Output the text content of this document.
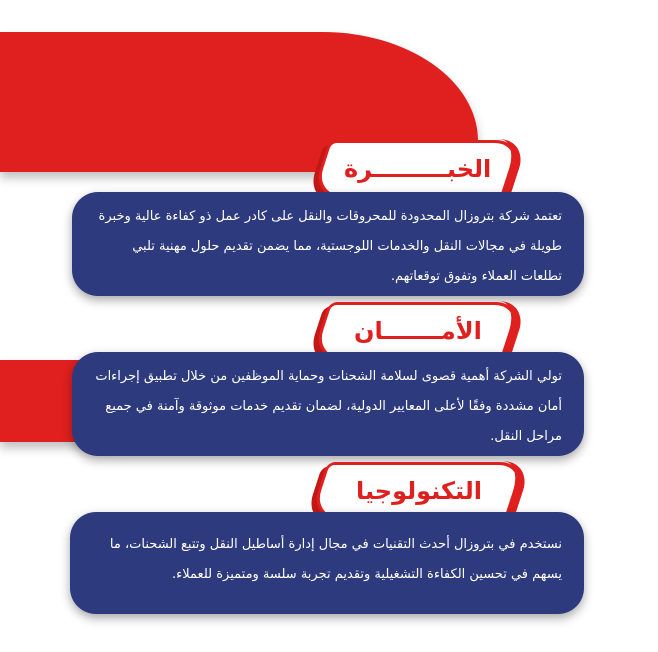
الخبـــــــــرة
تعتمد شركة بتروزال المحدودة للمحروقات والنقل على كادر عمل ذو كفاءة عالية وخبرة طويلة في مجالات النقل والخدمات اللوجستية، مما يضمن تقديم حلول مهنية تلبي تطلعات العملاء وتفوق توقعاتهم.
الأمـــــــان
تولي الشركة أهمية قصوى لسلامة الشحنات وحماية الموظفين من خلال تطبيق إجراءات أمان مشددة وفقًا لأعلى المعايير الدولية، لضمان تقديم خدمات موثوقة وآمنة في جميع مراحل النقل.
التكنولوجيا
نستخدم في بتروزال أحدث التقنيات في مجال إدارة أساطيل النقل وتتبع الشحنات، ما يسهم في تحسين الكفاءة التشغيلية وتقديم تجربة سلسة ومتميزة للعملاء.
